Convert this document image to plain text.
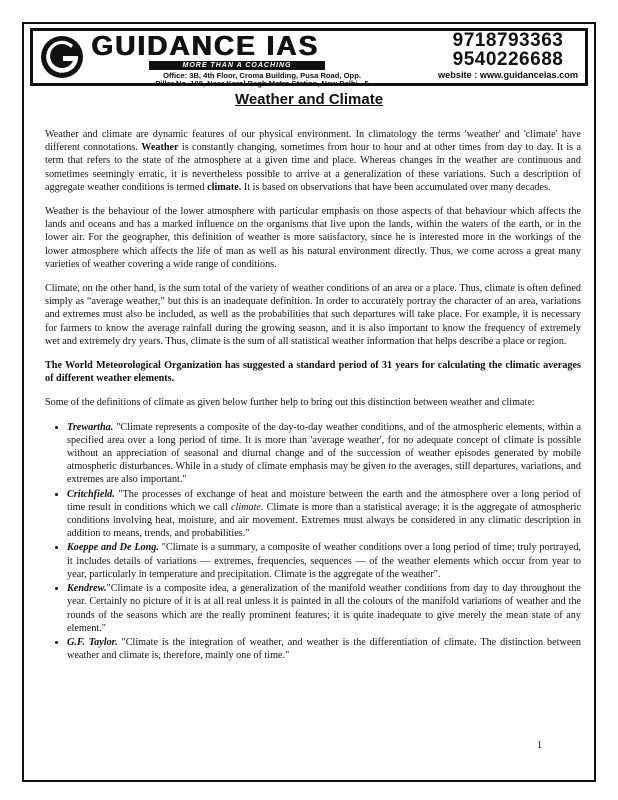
GUIDANCE IAS
MORE THAN A COACHING
Office: 3B, 4th Floor, Croma Building, Pusa Road, Opp.
Pillar No. 108, Near Karol Bagh Metro Station, New Delhi - 5
9718793363
9540226688
website : www.guidanceias.com
Weather and Climate

Weather and climate are dynamic features of our physical environment. In climatology the terms 'weather' and 'climate' have different connotations. Weather is constantly changing, sometimes from hour to hour and at other times from day to day. It is a term that refers to the state of the atmosphere at a given time and place. Whereas changes in the weather are continuous and sometimes seemingly erratic, it is nevertheless possible to arrive at a generalization of these variations. Such a description of aggregate weather conditions is termed climate. It is based on observations that have been accumulated over many decades.

Weather is the behaviour of the lower atmosphere with particular emphasis on those aspects of that behaviour which affects the lands and oceans and has a marked influence on the organisms that live upon the lands, within the waters of the earth, or in the lower air. For the geographer, this definition of weather is more satisfactory, since he is interested more in the workings of the lower atmosphere which affects the life of man as well as his natural environment directly. Thus, we come across a great many varieties of weather covering a wide range of conditions.

Climate, on the other hand, is the sum total of the variety of weather conditions of an area or a place. Thus, climate is often defined simply as “average weather,” but this is an inadequate definition. In order to accurately portray the character of an area, variations and extremes must also be included, as well as the probabilities that such departures will take place. For example, it is necessary for farmers to know the average rainfall during the growing season, and it is also important to know the frequency of extremely wet and extremely dry years. Thus, climate is the sum of all statistical weather information that helps describe a place or region.

The World Meteorological Organization has suggested a standard period of 31 years for calculating the climatic averages of different weather elements.

Some of the definitions of climate as given below further help to bring out this distinction between weather and climate:

• Trewartha. "Climate represents a composite of the day-to-day weather conditions, and of the atmospheric elements, within a specified area over a long period of time. It is more than 'average weather', for no adequate concept of climate is possible without an appreciation of seasonal and diurnal change and of the succession of weather episodes generated by mobile atmospheric disturbances. While in a study of climate emphasis may be given to the averages, still departures, variations, and extremes are also important."
• Critchfield. "The processes of exchange of heat and moisture between the earth and the atmosphere over a long period of time result in conditions which we call climate. Climate is more than a statistical average; it is the aggregate of atmospheric conditions involving heat, moisture, and air movement. Extremes must always be considered in any climatic description in addition to means, trends, and probabilities."
• Koeppe and De Long. "Climate is a summary, a composite of weather conditions over a long period of time; truly portrayed, it includes details of variations — extremes, frequencies, sequences — of the weather elements which occur from year to year, particularly in temperature and precipitation. Climate is the aggregate of the weather".
• Kendrew."Climate is a composite idea, a generalization of the manifold weather conditions from day to day throughout the year. Certainly no picture of it is at all real unless it is painted in all the colours of the manifold variations of weather and the rounds of the seasons which are the really prominent features; it is quite inadequate to give merely the mean state of any element."
• G.F. Taylor. "Climate is the integration of weather, and weather is the differentiation of climate. The distinction between weather and climate is, therefore, mainly one of time."
1
